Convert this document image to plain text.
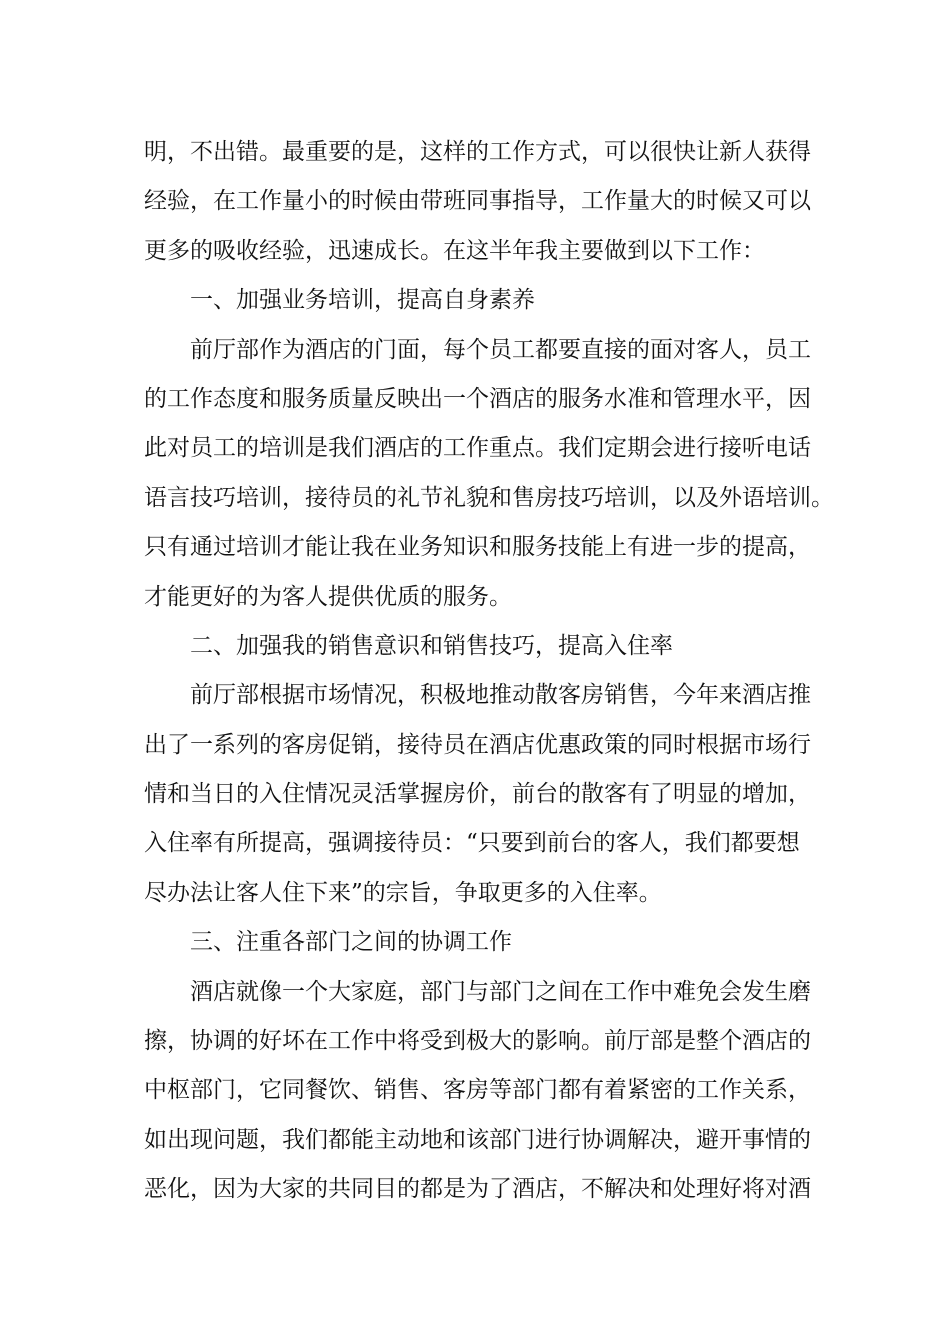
明，不出错。最重要的是，这样的工作方式，可以很快让新人获得
经验，在工作量小的时候由带班同事指导，工作量大的时候又可以
更多的吸收经验，迅速成长。在这半年我主要做到以下工作：
一、加强业务培训，提高自身素养
前厅部作为酒店的门面，每个员工都要直接的面对客人，员工
的工作态度和服务质量反映出一个酒店的服务水准和管理水平，因
此对员工的培训是我们酒店的工作重点。我们定期会进行接听电话
语言技巧培训，接待员的礼节礼貌和售房技巧培训，以及外语培训。
只有通过培训才能让我在业务知识和服务技能上有进一步的提高，
才能更好的为客人提供优质的服务。
二、加强我的销售意识和销售技巧，提高入住率
前厅部根据市场情况，积极地推动散客房销售，今年来酒店推
出了一系列的客房促销，接待员在酒店优惠政策的同时根据市场行
情和当日的入住情况灵活掌握房价，前台的散客有了明显的增加，
入住率有所提高，强调接待员：“只要到前台的客人，我们都要想
尽办法让客人住下来”的宗旨，争取更多的入住率。
三、注重各部门之间的协调工作
酒店就像一个大家庭，部门与部门之间在工作中难免会发生磨
擦，协调的好坏在工作中将受到极大的影响。前厅部是整个酒店的
中枢部门，它同餐饮、销售、客房等部门都有着紧密的工作关系，
如出现问题，我们都能主动地和该部门进行协调解决，避开事情的
恶化，因为大家的共同目的都是为了酒店，不解决和处理好将对酒
